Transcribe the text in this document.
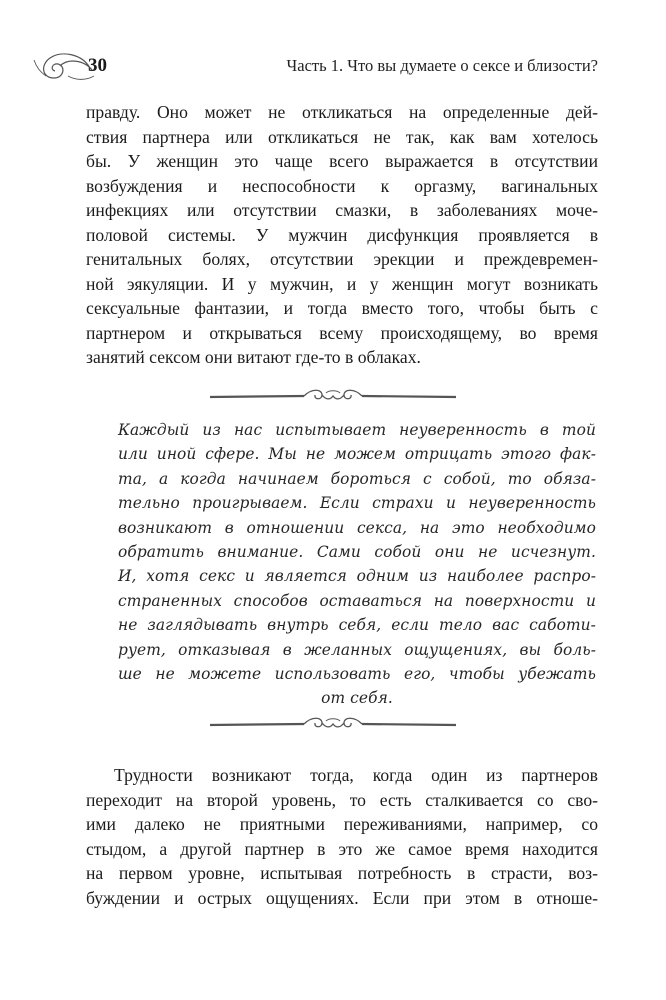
30	Часть 1. Что вы думаете о сексе и близости?

правду. Оно может не откликаться на определенные дей-
ствия партнера или откликаться не так, как вам хотелось
бы. У женщин это чаще всего выражается в отсутствии
возбуждения и неспособности к оргазму, вагинальных
инфекциях или отсутствии смазки, в заболеваниях моче-
половой системы. У мужчин дисфункция проявляется в
генитальных болях, отсутствии эрекции и преждевремен-
ной эякуляции. И у мужчин, и у женщин могут возникать
сексуальные фантазии, и тогда вместо того, чтобы быть с
партнером и открываться всему происходящему, во время
занятий сексом они витают где-то в облаках.

Каждый из нас испытывает неуверенность в той
или иной сфере. Мы не можем отрицать этого фак-
та, а когда начинаем бороться с собой, то обяза-
тельно проигрываем. Если страхи и неуверенность
возникают в отношении секса, на это необходимо
обратить внимание. Сами собой они не исчезнут.
И, хотя секс и является одним из наиболее распро-
страненных способов оставаться на поверхности и
не заглядывать внутрь себя, если тело вас саботи-
рует, отказывая в желанных ощущениях, вы боль-
ше не можете использовать его, чтобы убежать
от себя.

Трудности возникают тогда, когда один из партнеров
переходит на второй уровень, то есть сталкивается со сво-
ими далеко не приятными переживаниями, например, со
стыдом, а другой партнер в это же самое время находится
на первом уровне, испытывая потребность в страсти, воз-
буждении и острых ощущениях. Если при этом в отноше-
